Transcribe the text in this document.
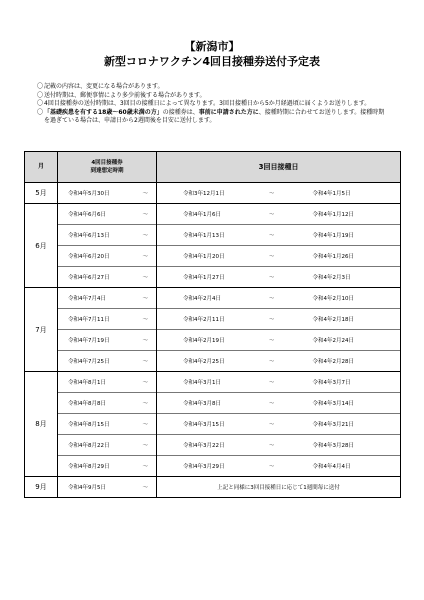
【新潟市】
新型コロナワクチン4回目接種券送付予定表
〇 記載の内容は、変更になる場合があります。
〇 送付時期は、郵便事情により多少前後する場合があります。
〇 4回目接種券の送付時期は、3回目の接種日によって異なります。3回目接種日から5か月経過頃に届くようお送りします。
〇 「基礎疾患を有する18歳～60歳未満の方」の接種券は、事前に申請された方に、接種時期に合わせてお送りします。接種時期を過ぎている場合は、申請日から2週間後を目安に送付します。
月	4回目接種券
到達想定時期		3回目接種日		
5月	令和4年5月30日	～	令和3年12月1日	～	令和4年1月5日
6月	令和4年6月6日	～	令和4年1月6日	～	令和4年1月12日
	令和4年6月13日	～	令和4年1月13日	～	令和4年1月19日
	令和4年6月20日	～	令和4年1月20日	～	令和4年1月26日
	令和4年6月27日	～	令和4年1月27日	～	令和4年2月3日
7月	令和4年7月4日	～	令和4年2月4日	～	令和4年2月10日
	令和4年7月11日	～	令和4年2月11日	～	令和4年2月18日
	令和4年7月19日	～	令和4年2月19日	～	令和4年2月24日
	令和4年7月25日	～	令和4年2月25日	～	令和4年2月28日
8月	令和4年8月1日	～	令和4年3月1日	～	令和4年3月7日
	令和4年8月8日	～	令和4年3月8日	～	令和4年3月14日
	令和4年8月15日	～	令和4年3月15日	～	令和4年3月21日
	令和4年8月22日	～	令和4年3月22日	～	令和4年3月28日
	令和4年8月29日	～	令和4年3月29日	～	令和4年4月4日
9月	令和4年9月5日	～	上記と同様に3回目接種日に応じて1週間毎に送付		
